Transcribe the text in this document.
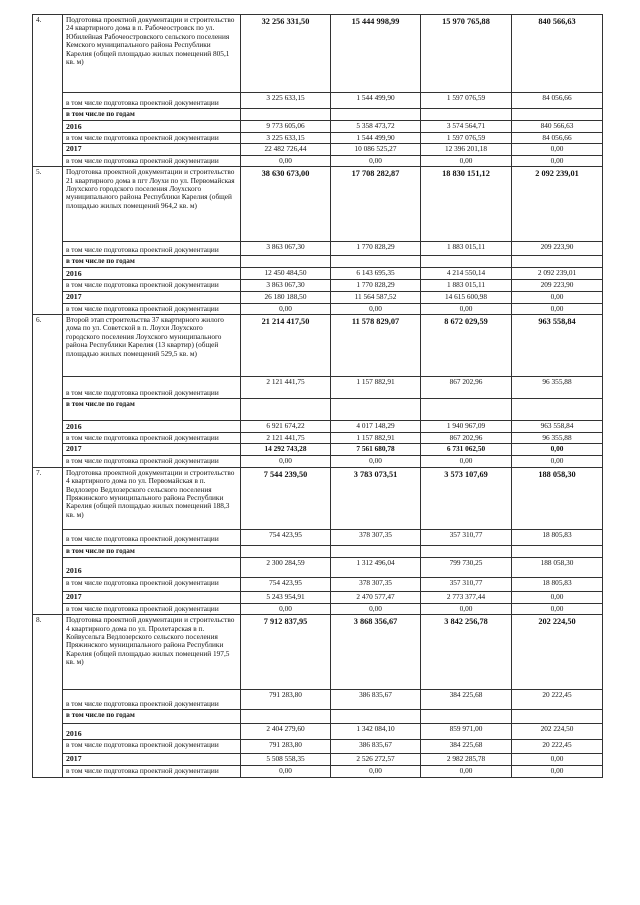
4.	Подготовка проектной документации и строительство 24 квартирного дома в п. Рабочеостровск по ул. Юбилейная Рабочеостровского сельского поселения Кемского муниципального района Республики Карелия (общей площадью жилых помещений 805,1 кв. м)	32 256 331,50	15 444 998,99	15 970 765,88	840 566,63
	в том числе подготовка проектной документации	3 225 633,15	1 544 499,90	1 597 076,59	84 056,66
	в том числе по годам				
	2016	9 773 605,06	5 358 473,72	3 574 564,71	840 566,63
	в том числе подготовка проектной документации	3 225 633,15	1 544 499,90	1 597 076,59	84 056,66
	2017	22 482 726,44	10 086 525,27	12 396 201,18	0,00
	в том числе подготовка проектной документации	0,00	0,00	0,00	0,00
5.	Подготовка проектной документации и строительство 21 квартирного дома в пгт Лоухи по ул. Первомайская Лоухского городского поселения Лоухского муниципального района Республики Карелия (общей площадью жилых помещений 964,2 кв. м)	38 630 673,00	17 708 282,87	18 830 151,12	2 092 239,01
	в том числе подготовка проектной документации	3 863 067,30	1 770 828,29	1 883 015,11	209 223,90
	в том числе по годам				
	2016	12 450 484,50	6 143 695,35	4 214 550,14	2 092 239,01
	в том числе подготовка проектной документации	3 863 067,30	1 770 828,29	1 883 015,11	209 223,90
	2017	26 180 188,50	11 564 587,52	14 615 600,98	0,00
	в том числе подготовка проектной документации	0,00	0,00	0,00	0,00
6.	Второй этап строительства 37 квартирного жилого дома по ул. Советской в п. Лоухи Лоухского городского поселения Лоухского муниципального района Республики Карелия (13 квартир) (общей площадью жилых помещений 529,5 кв. м)	21 214 417,50	11 578 829,07	8 672 029,59	963 558,84
	в том числе подготовка проектной документации	2 121 441,75	1 157 882,91	867 202,96	96 355,88
	в том числе по годам				
	2016	6 921 674,22	4 017 148,29	1 940 967,09	963 558,84
	в том числе подготовка проектной документации	2 121 441,75	1 157 882,91	867 202,96	96 355,88
	2017	14 292 743,28	7 561 680,78	6 731 062,50	0,00
	в том числе подготовка проектной документации	0,00	0,00	0,00	0,00
7.	Подготовка проектной документации и строительство 4 квартирного дома по ул. Первомайская в п. Ведлозеро Ведлозерского сельского поселения Пряжинского муниципального района Республики Карелия (общей площадью жилых помещений 188,3 кв. м)	7 544 239,50	3 783 073,51	3 573 107,69	188 058,30
	в том числе подготовка проектной документации	754 423,95	378 307,35	357 310,77	18 805,83
	в том числе по годам				
	2016	2 300 284,59	1 312 496,04	799 730,25	188 058,30
	в том числе подготовка проектной документации	754 423,95	378 307,35	357 310,77	18 805,83
	2017	5 243 954,91	2 470 577,47	2 773 377,44	0,00
	в том числе подготовка проектной документации	0,00	0,00	0,00	0,00
8.	Подготовка проектной документации и строительство 4 квартирного дома по ул. Пролетарская в п. Койвусельга Ведлозерского сельского поселения Пряжинского муниципального района Республики Карелия (общей площадью жилых помещений 197,5 кв. м)	7 912 837,95	3 868 356,67	3 842 256,78	202 224,50
	в том числе подготовка проектной документации	791 283,80	386 835,67	384 225,68	20 222,45
	в том числе по годам				
	2016	2 404 279,60	1 342 084,10	859 971,00	202 224,50
	в том числе подготовка проектной документации	791 283,80	386 835,67	384 225,68	20 222,45
	2017	5 508 558,35	2 526 272,57	2 982 285,78	0,00
	в том числе подготовка проектной документации	0,00	0,00	0,00	0,00
